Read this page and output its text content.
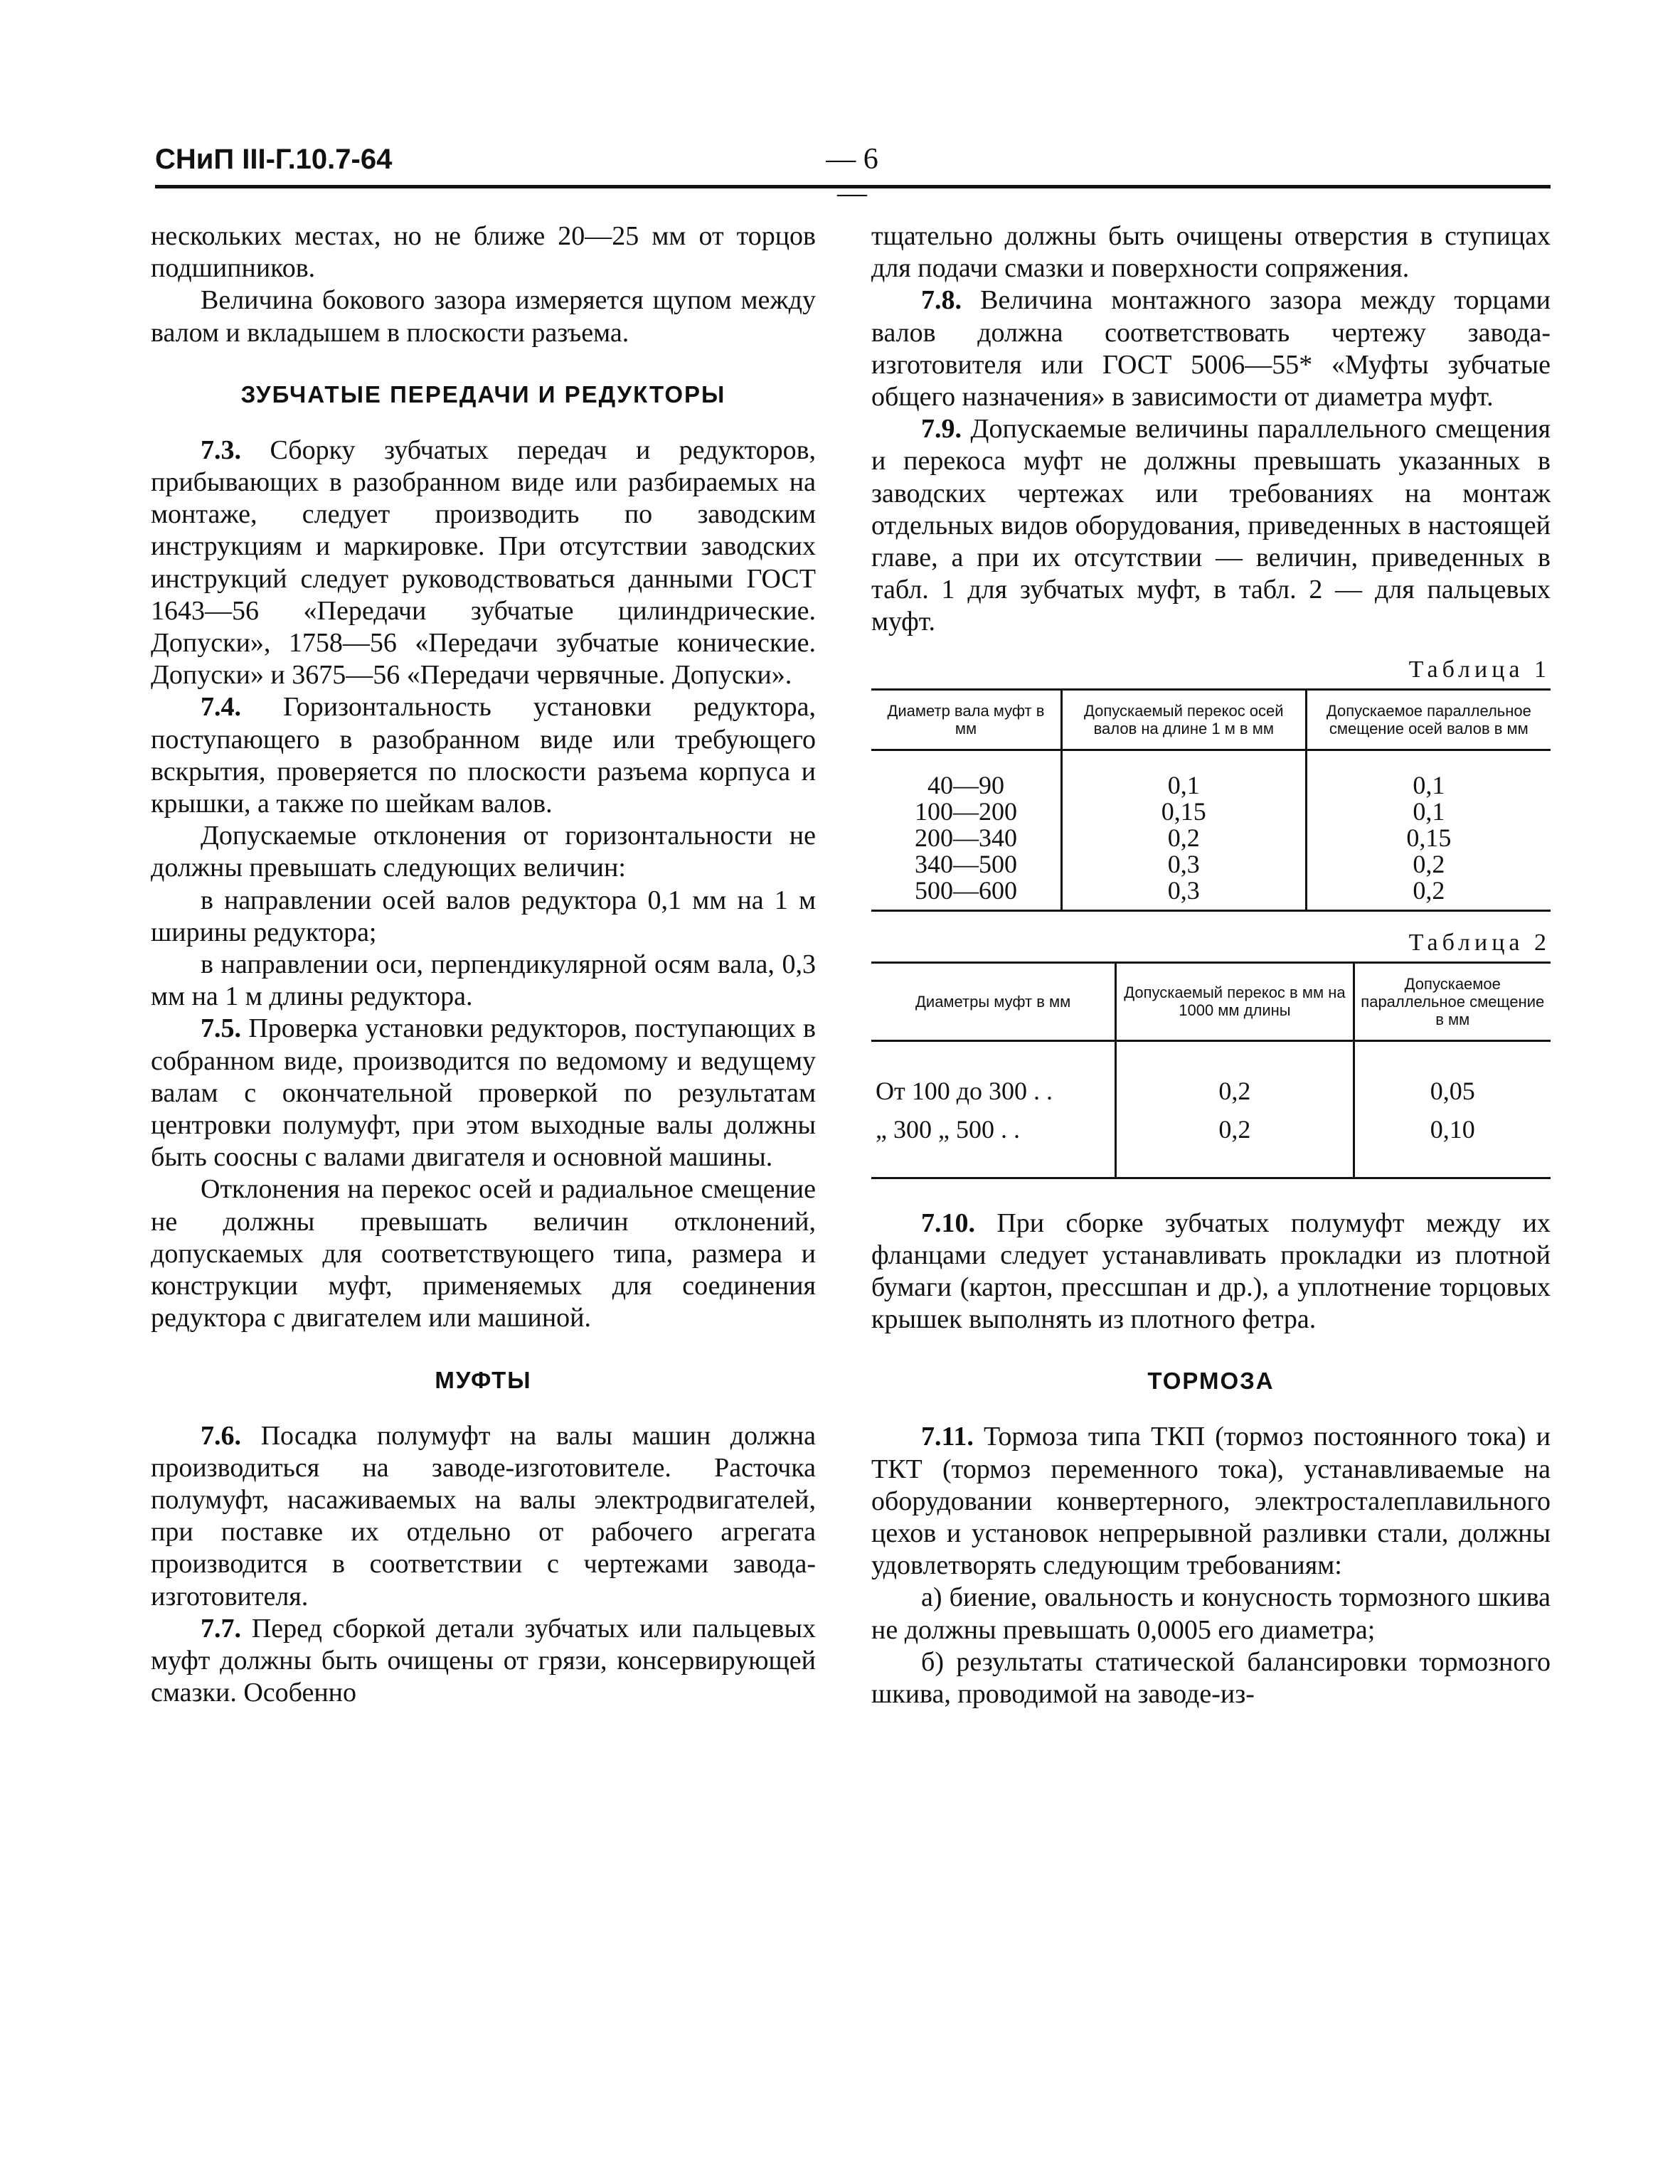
СНиП III-Г.10.7-64	— 6 —

нескольких местах, но не ближе 20—25 мм от торцов подшипников.

Величина бокового зазора измеряется щупом между валом и вкладышем в плоскости разъема.

ЗУБЧАТЫЕ ПЕРЕДАЧИ И РЕДУКТОРЫ

7.3. Сборку зубчатых передач и редукторов, прибывающих в разобранном виде или разбираемых на монтаже, следует производить по заводским инструкциям и маркировке. При отсутствии заводских инструкций следует руководствоваться данными ГОСТ 1643—56 «Передачи зубчатые цилиндрические. Допуски», 1758—56 «Передачи зубчатые конические. Допуски» и 3675—56 «Передачи червячные. Допуски».

7.4. Горизонтальность установки редуктора, поступающего в разобранном виде или требующего вскрытия, проверяется по плоскости разъема корпуса и крышки, а также по шейкам валов.

Допускаемые отклонения от горизонтальности не должны превышать следующих величин:

в направлении осей валов редуктора 0,1 мм на 1 м ширины редуктора;

в направлении оси, перпендикулярной осям вала, 0,3 мм на 1 м длины редуктора.

7.5. Проверка установки редукторов, поступающих в собранном виде, производится по ведомому и ведущему валам с окончательной проверкой по результатам центровки полумуфт, при этом выходные валы должны быть соосны с валами двигателя и основной машины.

Отклонения на перекос осей и радиальное смещение не должны превышать величин отклонений, допускаемых для соответствующего типа, размера и конструкции муфт, применяемых для соединения редуктора с двигателем или машиной.

МУФТЫ

7.6. Посадка полумуфт на валы машин должна производиться на заводе-изготовителе. Расточка полумуфт, насаживаемых на валы электродвигателей, при поставке их отдельно от рабочего агрегата производится в соответствии с чертежами завода-изготовителя.

7.7. Перед сборкой детали зубчатых или пальцевых муфт должны быть очищены от грязи, консервирующей смазки. Особенно

тщательно должны быть очищены отверстия в ступицах для подачи смазки и поверхности сопряжения.

7.8. Величина монтажного зазора между торцами валов должна соответствовать чертежу завода-изготовителя или ГОСТ 5006—55* «Муфты зубчатые общего назначения» в зависимости от диаметра муфт.

7.9. Допускаемые величины параллельного смещения и перекоса муфт не должны превышать указанных в заводских чертежах или требованиях на монтаж отдельных видов оборудования, приведенных в настоящей главе, а при их отсутствии — величин, приведенных в табл. 1 для зубчатых муфт, в табл. 2 — для пальцевых муфт.

Таблица 1
Диаметр вала муфт в мм	Допускаемый перекос осей валов на длине 1 м в мм	Допускаемое параллельное смещение осей валов в мм
40—90	0,1	0,1
100—200	0,15	0,1
200—340	0,2	0,15
340—500	0,3	0,2
500—600	0,3	0,2
Таблица 2
Диаметры муфт в мм	Допускаемый перекос в мм на 1000 мм длины	Допускаемое параллельное смещение в мм
От 100 до 300 . .	0,2	0,05
„ 300 „ 500 . .	0,2	0,10

7.10. При сборке зубчатых полумуфт между их фланцами следует устанавливать прокладки из плотной бумаги (картон, прессшпан и др.), а уплотнение торцовых крышек выполнять из плотного фетра.

ТОРМОЗА

7.11. Тормоза типа ТКП (тормоз постоянного тока) и ТКТ (тормоз переменного тока), устанавливаемые на оборудовании конвертерного, электросталеплавильного цехов и установок непрерывной разливки стали, должны удовлетворять следующим требованиям:

а) биение, овальность и конусность тормозного шкива не должны превышать 0,0005 его диаметра;

б) результаты статической балансировки тормозного шкива, проводимой на заводе-из-
